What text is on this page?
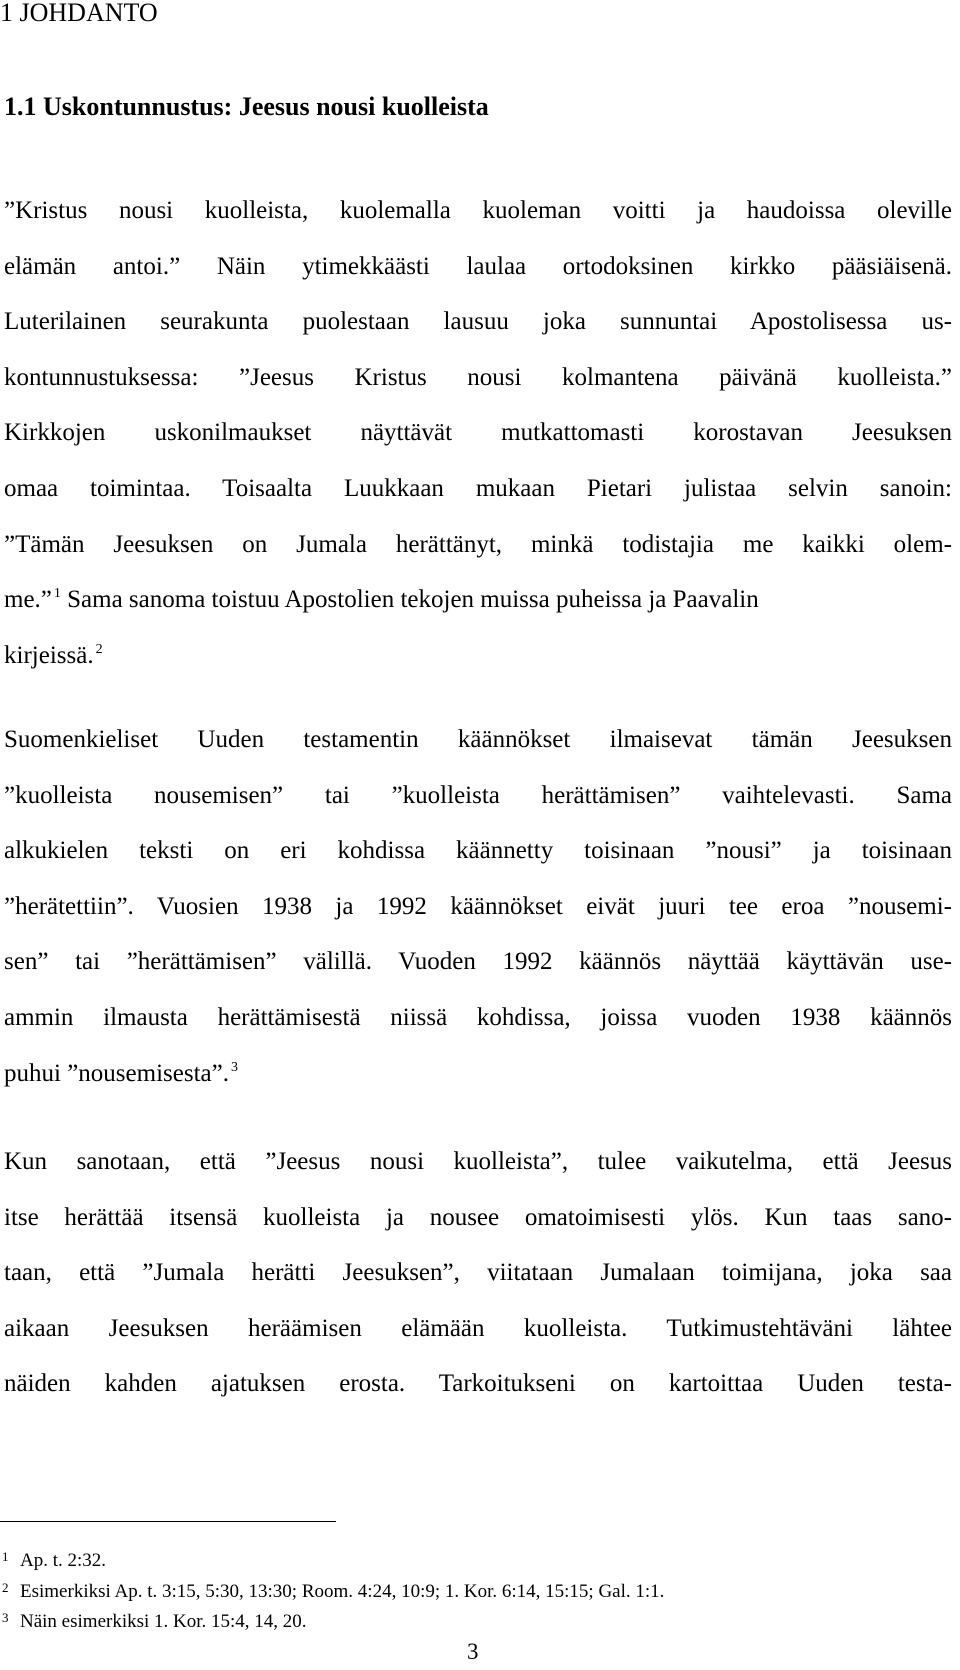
1 JOHDANTO
1.1 Uskontunnustus: Jeesus nousi kuolleista
”Kristus nousi kuolleista, kuolemalla kuoleman voitti ja haudoissa oleville
elämän antoi.” Näin ytimekkäästi laulaa ortodoksinen kirkko pääsiäisenä.
Luterilainen seurakunta puolestaan lausuu joka sunnuntai Apostolisessa us-
kontunnustuksessa: ”Jeesus Kristus nousi kolmantena päivänä kuolleista.”
Kirkkojen uskonilmaukset näyttävät mutkattomasti korostavan Jeesuksen
omaa toimintaa. Toisaalta Luukkaan mukaan Pietari julistaa selvin sanoin:
”Tämän Jeesuksen on Jumala herättänyt, minkä todistajia me kaikki olem-
me.” $^1$ Sama sanoma toistuu Apostolien tekojen muissa puheissa ja Paavalin
kirjeissä. $^2$
Suomenkieliset Uuden testamentin käännökset ilmaisevat tämän Jeesuksen
”kuolleista nousemisen” tai ”kuolleista herättämisen” vaihtelevasti. Sama
alkukielen teksti on eri kohdissa käännetty toisinaan ”nousi” ja toisinaan
”herätettiin”. Vuosien 1938 ja 1992 käännökset eivät juuri tee eroa ”nousemi-
sen” tai ”herättämisen” välillä. Vuoden 1992 käännös näyttää käyttävän use-
ammin ilmausta herättämisestä niissä kohdissa, joissa vuoden 1938 käännös
puhui ”nousemisesta”. $^3$
Kun sanotaan, että ”Jeesus nousi kuolleista”, tulee vaikutelma, että Jeesus
itse herättää itsensä kuolleista ja nousee omatoimisesti ylös. Kun taas sano-
taan, että ”Jumala herätti Jeesuksen”, viitataan Jumalaan toimijana, joka saa
aikaan Jeesuksen heräämisen elämään kuolleista. Tutkimustehtäväni lähtee
näiden kahden ajatuksen erosta. Tarkoitukseni on kartoittaa Uuden testa-
1 Ap. t. 2:32.
2 Esimerkiksi Ap. t. 3:15, 5:30, 13:30; Room. 4:24, 10:9; 1. Kor. 6:14, 15:15; Gal. 1:1.
3 Näin esimerkiksi 1. Kor. 15:4, 14, 20.
3
